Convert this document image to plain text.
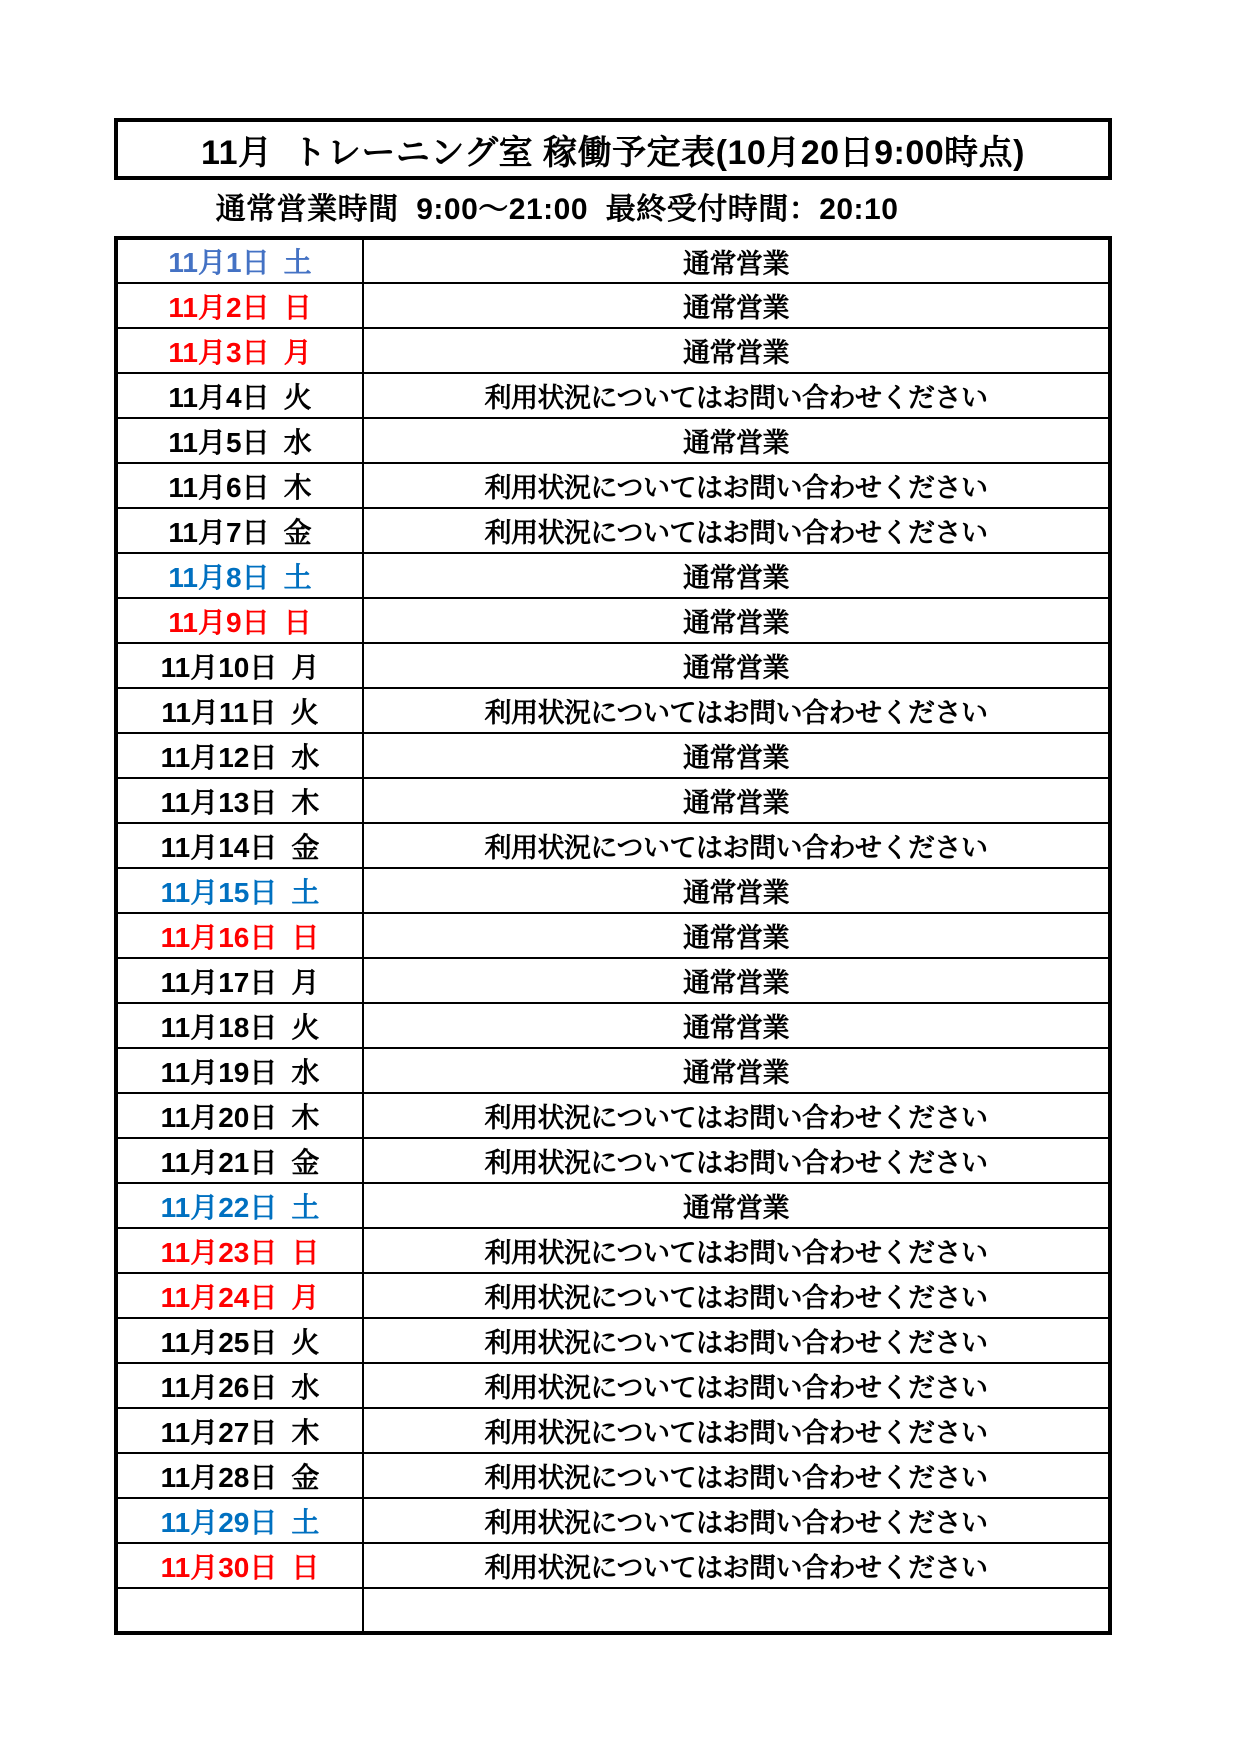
11月  トレーニング室 稼働予定表(10月20日9:00時点)
通常営業時間  9:00～21:00  最終受付時間：20:10
11月1日 土	通常営業
11月2日 日	通常営業
11月3日 月	通常営業
11月4日 火	利用状況についてはお問い合わせください
11月5日 水	通常営業
11月6日 木	利用状況についてはお問い合わせください
11月7日 金	利用状況についてはお問い合わせください
11月8日 土	通常営業
11月9日 日	通常営業
11月10日 月	通常営業
11月11日 火	利用状況についてはお問い合わせください
11月12日 水	通常営業
11月13日 木	通常営業
11月14日 金	利用状況についてはお問い合わせください
11月15日 土	通常営業
11月16日 日	通常営業
11月17日 月	通常営業
11月18日 火	通常営業
11月19日 水	通常営業
11月20日 木	利用状況についてはお問い合わせください
11月21日 金	利用状況についてはお問い合わせください
11月22日 土	通常営業
11月23日 日	利用状況についてはお問い合わせください
11月24日 月	利用状況についてはお問い合わせください
11月25日 火	利用状況についてはお問い合わせください
11月26日 水	利用状況についてはお問い合わせください
11月27日 木	利用状況についてはお問い合わせください
11月28日 金	利用状況についてはお問い合わせください
11月29日 土	利用状況についてはお問い合わせください
11月30日 日	利用状況についてはお問い合わせください
